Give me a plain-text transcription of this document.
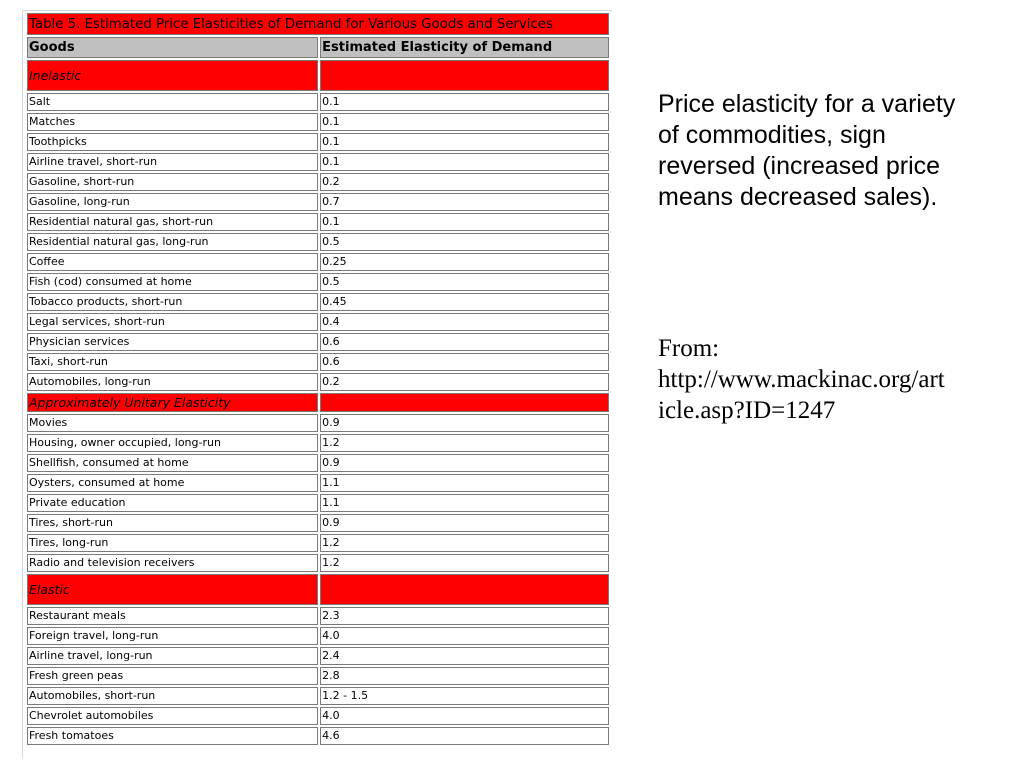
Table 5. Estimated Price Elasticities of Demand for Various Goods and Services	
Goods	Estimated Elasticity of Demand
Inelastic	
Salt	0.1
Matches	0.1
Toothpicks	0.1
Airline travel, short-run	0.1
Gasoline, short-run	0.2
Gasoline, long-run	0.7
Residential natural gas, short-run	0.1
Residential natural gas, long-run	0.5
Coffee	0.25
Fish (cod) consumed at home	0.5
Tobacco products, short-run	0.45
Legal services, short-run	0.4
Physician services	0.6
Taxi, short-run	0.6
Automobiles, long-run	0.2
Approximately Unitary Elasticity	
Movies	0.9
Housing, owner occupied, long-run	1.2
Shellfish, consumed at home	0.9
Oysters, consumed at home	1.1
Private education	1.1
Tires, short-run	0.9
Tires, long-run	1.2
Radio and television receivers	1.2
Elastic	
Restaurant meals	2.3
Foreign travel, long-run	4.0
Airline travel, long-run	2.4
Fresh green peas	2.8
Automobiles, short-run	1.2 - 1.5
Chevrolet automobiles	4.0
Fresh tomatoes	4.6
Price elasticity for a variety of commodities, sign reversed (increased price means decreased sales).
From:
http://www.mackinac.org/article.asp?ID=1247
